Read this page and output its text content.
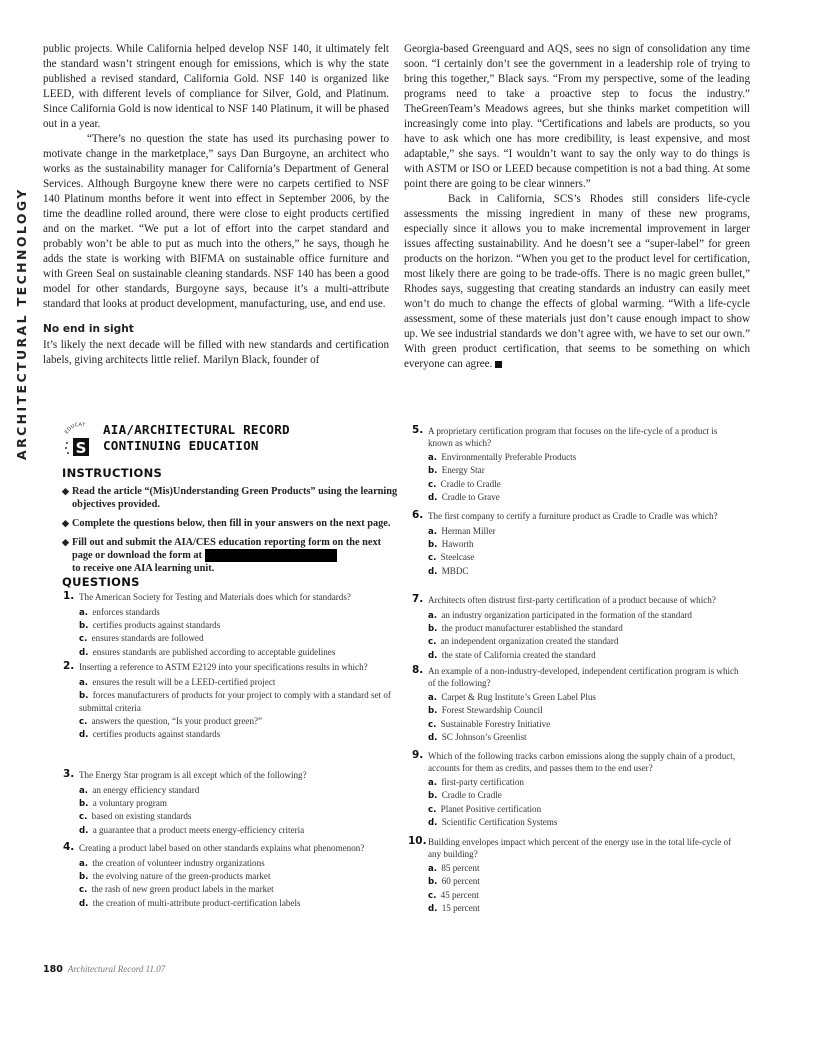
ARCHITECTURAL TECHNOLOGY

public projects. While California helped develop NSF 140, it ultimately felt the standard wasn’t stringent enough for emissions, which is why the state published a revised standard, California Gold. NSF 140 is organized like LEED, with different levels of compliance for Silver, Gold, and Platinum. Since California Gold is now identical to NSF 140 Platinum, it will be phased out in a year.

“There’s no question the state has used its purchasing power to motivate change in the marketplace,” says Dan Burgoyne, an architect who works as the sustainability manager for California’s Department of General Services. Although Burgoyne knew there were no carpets certified to NSF 140 Platinum months before it went into effect in September 2006, by the time the deadline rolled around, there were close to eight products certified and on the market. “We put a lot of effort into the carpet standard and probably won’t be able to put as much into the others,” he says, though he adds the state is working with BIFMA on sustainable office furniture and with Green Seal on sustainable cleaning standards. NSF 140 has been a good model for other standards, Burgoyne says, because it’s a multi-attribute standard that looks at product development, manufacturing, use, and end use.

No end in sight

It’s likely the next decade will be filled with new standards and certification labels, giving architects little relief. Marilyn Black, founder of

Georgia-based Greenguard and AQS, sees no sign of consolidation any time soon. “I certainly don’t see the government in a leadership role of trying to bring this together,” Black says. “From my perspective, some of the leading programs need to take a proactive step to focus the industry.” TheGreenTeam’s Meadows agrees, but she thinks market competition will increasingly come into play. “Certifications and labels are products, so you have to ask which one has more credibility, is least expensive, and most adaptable,” she says. “I wouldn’t want to say the only way to do things is with ASTM or ISO or LEED because competition is not a bad thing. At some point there are going to be clear winners.”

Back in California, SCS’s Rhodes still considers life-cycle assessments the missing ingredient in many of these new programs, especially since it allows you to make incremental improvement in larger issues affecting sustainability. And he doesn’t see a “super-label” for green products on the horizon. “When you get to the product level for certification, most likely there are going to be trade-offs. There is no magic green bullet,” Rhodes says, suggesting that creating standards an industry can easily meet won’t do much to change the effects of global warming. “With a life-cycle assessment, some of these materials just don’t cause enough impact to show up. We see industrial standards we don’t agree with, we have to set our own.” With green product certification, that seems to be something on which everyone can agree.

EDUCAT
S
AIA/ARCHITECTURAL RECORD
CONTINUING EDUCATION
INSTRUCTIONS
◆ Read the article “(Mis)Understanding Green Products” using the learning objectives provided.
◆ Complete the questions below, then fill in your answers on the next page.
◆ Fill out and submit the AIA/CES education reporting form on the next page or download the form at
to receive one AIA learning unit.
QUESTIONS
1. The American Society for Testing and Materials does which for standards?
a. enforces standards
b. certifies products against standards
c. ensures standards are followed
d. ensures standards are published according to acceptable guidelines
2. Inserting a reference to ASTM E2129 into your specifications results in which?
a. ensures the result will be a LEED-certified project
b. forces manufacturers of products for your project to comply with a standard set of submittal criteria
c. answers the question, “Is your product green?”
d. certifies products against standards
3. The Energy Star program is all except which of the following?
a. an energy efficiency standard
b. a voluntary program
c. based on existing standards
d. a guarantee that a product meets energy-efficiency criteria
4. Creating a product label based on other standards explains what phenomenon?
a. the creation of volunteer industry organizations
b. the evolving nature of the green-products market
c. the rash of new green product labels in the market
d. the creation of multi-attribute product-certification labels
5. A proprietary certification program that focuses on the life-cycle of a product is known as which?
a. Environmentally Preferable Products
b. Energy Star
c. Cradle to Cradle
d. Cradle to Grave
6. The first company to certify a furniture product as Cradle to Cradle was which?
a. Herman Miller
b. Haworth
c. Steelcase
d. MBDC
7. Architects often distrust first-party certification of a product because of which?
a. an industry organization participated in the formation of the standard
b. the product manufacturer established the standard
c. an independent organization created the standard
d. the state of California created the standard
8. An example of a non-industry-developed, independent certification program is which of the following?
a. Carpet & Rug Institute’s Green Label Plus
b. Forest Stewardship Council
c. Sustainable Forestry Initiative
d. SC Johnson’s Greenlist
9. Which of the following tracks carbon emissions along the supply chain of a product, accounts for them as credits, and passes them to the end user?
a. first-party certification
b. Cradle to Cradle
c. Planet Positive certification
d. Scientific Certification Systems
10. Building envelopes impact which percent of the energy use in the total life-cycle of any building?
a. 85 percent
b. 60 percent
c. 45 percent
d. 15 percent
180 Architectural Record 11.07
